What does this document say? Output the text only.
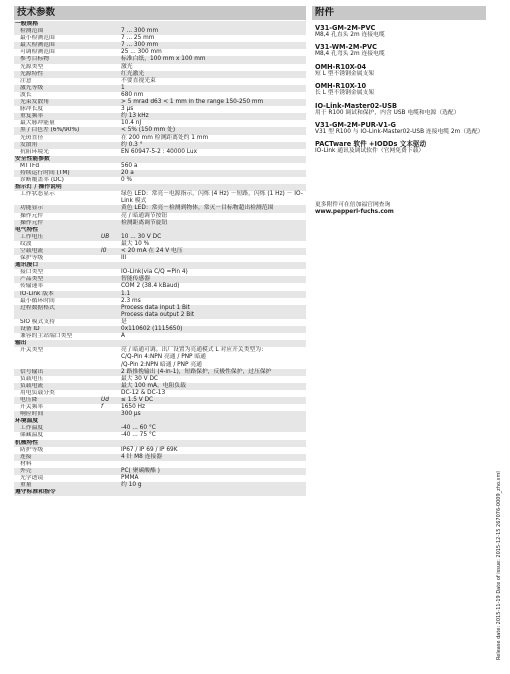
技术参数
一般规格		
检测范围		7 ... 300 mm
最小检测范围		7 ... 25 mm
最大检测范围		7 ... 300 mm
可调检测范围		25 ... 300 mm
参考目标物		标准白纸，100 mm x 100 mm
光源类型		激光
光源特性		红光激光
注意		不要直视光束
激光等级		1
波长		680 nm
光束发散角		> 5 mrad d63 < 1 mm in the range 150-250 mm
脉冲长度		3 μs
重复频率		约 13 kHz
最大脉冲能量		10.4 nJ
黑 / 白色差 (6%/90%)		< 5% (150 mm 处)
光斑直径		在 200 mm 检测距离处约 1 mm
发散角		约 0.3 °
抗阻环境光		EN 60947-5-2 : 40000 Lux
安全性能参数		
MTTFd		560 a
持续运行时间 (TM)		20 a
诊断覆盖率 (DC)		0 %
指示灯 / 操作说明		
工作状态显示		绿色 LED：常亮－电源指示，闪烁 (4 Hz) －短路，闪烁 (1 Hz) － IO-Link 模式
功能显示		黄色 LED：常亮－检测到物体，常灭－目标物超出检测范围
操作元件		亮 / 暗通调节按钮
操作元件		检测距离调节旋钮
电气特性		
工作电压	UB	10 ... 30 V DC
纹波		最大 10 %
空载电流	I0	< 20 mA 在 24 V 电压
保护等级		III
通讯接口		
接口类型		IO-Link(via C/Q =Pin 4)
产品类型		智能传感器
传输速率		COM 2 (38.4 kBaud)
IO-Link 版本		1.1
最小循环时间		2.3 ms
过程数据格式		Process data input 1 Bit
Process data output 2 Bit
SIO 模式支持		是
设备 ID		0x110602 (1115650)
兼容的主站端口类型		A
输出		
开关类型		亮 / 暗通可调。出厂设置为亮通模式 L 对应开关类型为：
C/Q-Pin 4:NPN 亮通 / PNP 暗通
/Q-Pin 2:NPN 暗通 / PNP 亮通
信号输出		2 路推挽输出 (4-in-1)，短路保护，反极性保护，过压保护
负载电压		最大 30 V DC
负载电流		最大 100 mA，电阻负载
用电负载分类		DC-12 & DC-13
电压降	Ud	≤ 1.5 V DC
开关频率	f	1650 Hz
响应时间		300 μs
环境温度		
工作温度		-40 ... 60 °C
储藏温度		-40 ... 75 °C
机械特性		
防护等级		IP67 / IP 69 / IP 69K
连接		4 针 M8 连接器
材料		
外壳		PC( 聚碳酸酯 )
光学透镜		PMMA
重量		约 10 g
遵守标准和指令		
附件
V31-GM-2M-PVC
M8,4 孔直头 2m 连接电缆
V31-WM-2M-PVC
M8,4 孔弯头 2m 连接电缆
OMH-R10X-04
短 L 型不锈钢金属支架
OMH-R10X-10
长 L 型不锈钢金属支架
IO-Link-Master02-USB
用于 R100 调试和保护，内含 USB 电缆和电源（选配）
V31-GM-2M-PUR-V1-G
V31 型 R100 与 IO-Link-Master02-USB 连接电缆 2m（选配）
PACTware 软件 +IODDs 文本驱动
IO-Link 通讯及调试软件（官网免费下载）
更多附件可在倍加福官网查询
www.pepperl-fuchs.com
Release date: 2015-11-19 Date of issue: 2015-12-15 267076-0009_zho.xml
